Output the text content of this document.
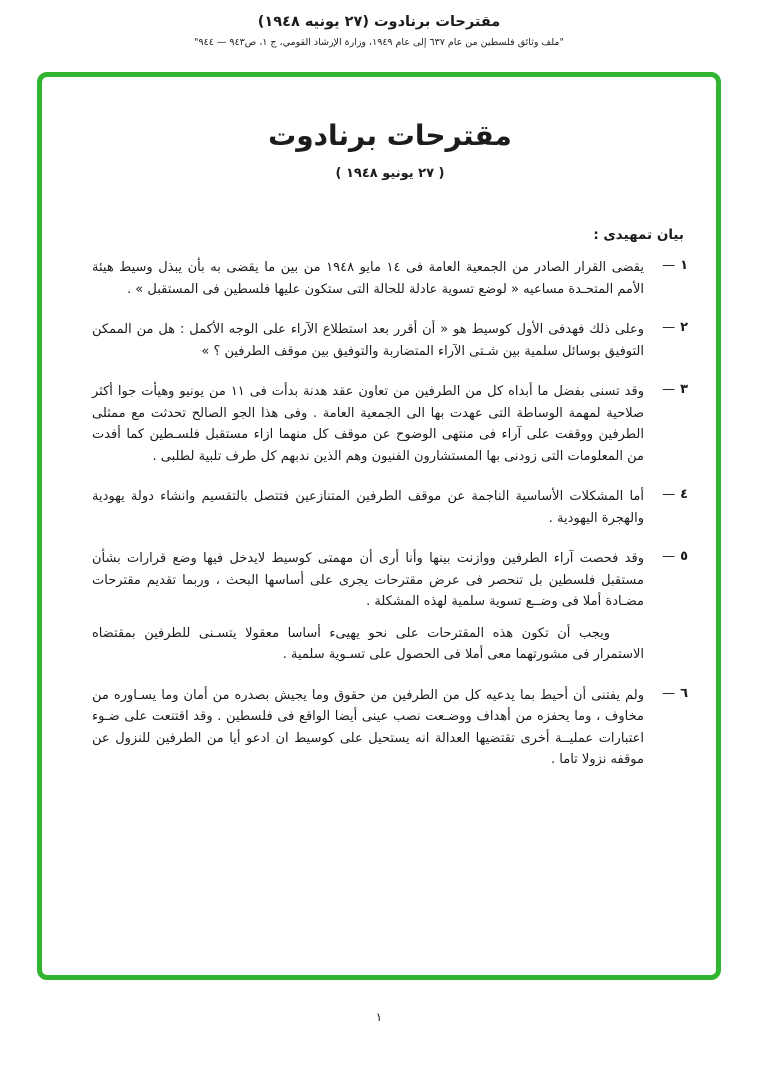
مقترحات برنادوت (٢٧ يونيه ١٩٤٨)
"ملف وثائق فلسطين من عام ٦٣٧ إلى عام ١٩٤٩، وزارة الإرشاد القومي، ج ١، ص٩٤٣ — ٩٤٤"
مقترحات برنادوت
( ٢٧ يونيو ١٩٤٨ )
بيان تمهيدى :
١—

يقضى القرار الصادر من الجمعية العامة فى ١٤ مايو ١٩٤٨ من بين ما يقضى به بأن يبذل وسيط هيئة الأمم المتحـدة مساعيه « لوضع تسوية عادلة للحالة التى ستكون عليها فلسطين فى المستقبل » .

٢—

وعلى ذلك فهدفى الأول كوسيط هو « أن أقرر بعد استطلاع الآراء على الوجه الأكمل : هل من الممكن التوفيق بوسائل سلمية بين شـتى الآراء المتضاربة والتوفيق بين موقف الطرفين ؟ »

٣—

وقد تسنى بفضل ما أبداه كل من الطرفين من تعاون عقد هدنة بدأت فى ١١ من يونيو وهيأت جوا أكثر صلاحية لمهمة الوساطة التى عهدت بها الى الجمعية العامة . وفى هذا الجو الصالح تحدثت مع ممثلى الطرفين ووقفت على آراء فى منتهى الوضوح عن موقف كل منهما ازاء مستقبل فلسـطين كما أفدت من المعلومات التى زودنى بها المستشارون الفنيون وهم الذين ندبهم كل طرف تلبية لطلبى .

٤—

أما المشكلات الأساسية الناجمة عن موقف الطرفين المتنازعين فتتصل بالتقسيم وانشاء دولة يهودية والهجرة اليهودية .

٥—

وقد فحصت آراء الطرفين ووازنت بينها وأنا أرى أن مهمتى كوسيط لايدخل فيها وضع قرارات بشأن مستقبل فلسطين بل تنحصر فى عرض مقترحات يجرى على أساسها البحث ، وربما تقديم مقترحات مضـادة أملا فى وضــع تسوية سلمية لهذه المشكلة .

ويجب أن تكون هذه المقترحات على نحو يهيىء أساسا معقولا يتسـنى للطرفين بمقتضاه الاستمرار فى مشورتهما معى أملا فى الحصول على تسـوية سلمية .

٦—

ولم يفتنى أن أحيط بما يدعيه كل من الطرفين من حقوق وما يجيش بصدره من أمان وما يسـاوره من مخاوف ، وما يحفزه من أهداف ووضـعت نصب عينى أيضا الواقع فى فلسطين . وقد اقتنعت على ضـوء اعتبارات عمليــة أخرى تقتضيها العدالة انه يستحيل على كوسيط ان ادعو أيا من الطرفين للنزول عن موقفه نزولا تاما .

١
